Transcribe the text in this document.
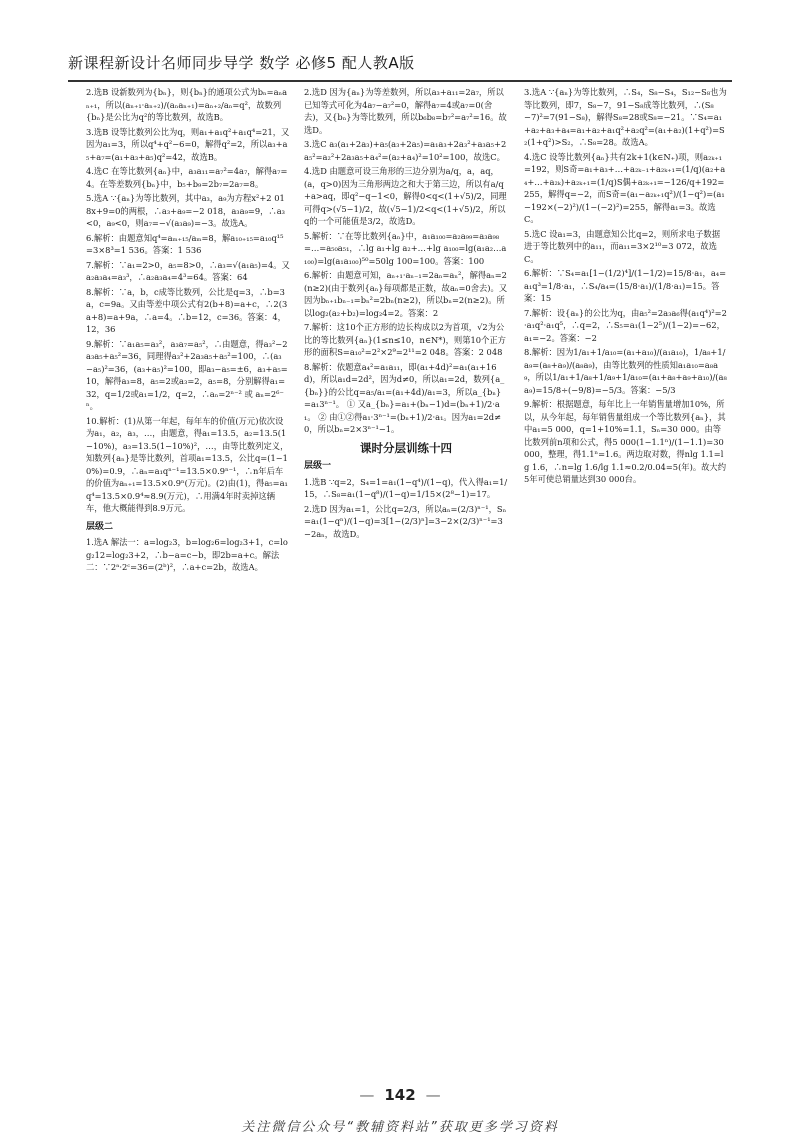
新课程新设计名师同步导学 数学 必修5 配人教A版

2.选B 设新数列为{bₙ}，则{bₙ}的通项公式为bₙ=aₙaₙ₊₁，所以(aₙ₊₁·aₙ₊₂)/(aₙaₙ₊₁)=aₙ₊₂/aₙ=q²，故数列{bₙ}是公比为q²的等比数列，故选B。

3.选B 设等比数列公比为q，则a₁+a₁q²+a₁q⁴=21，又因为a₁=3，所以q⁴+q²−6=0，解得q²=2，所以a₃+a₅+a₇=(a₁+a₃+a₅)q²=42，故选B。

4.选C 在等比数列{aₙ}中，a₃a₁₁=a₇²=4a₇，解得a₇=4。在等差数列{bₙ}中，b₅+b₉=2b₇=2a₇=8。

5.选A ∵{aₙ}为等比数列，其中a₃，a₉为方程x²+2 018x+9=0的两根，∴a₃+a₉=−2 018，a₃a₉=9，∴a₃<0，a₉<0，则a₇=−√(a₃a₉)=−3。故选A。

6.解析：由题意知q⁴=aₘ₊₁₅/aₘ=8，解a₁₀₊₁₅=a₁₀q¹⁵=3×8³=1 536。答案：1 536

7.解析：∵a₁=2>0，a₅=8>0，∴a₃=√(a₁a₅)=4。又a₂a₃a₄=a₃³，∴a₂a₃a₄=4³=64。答案：64

8.解析：∵a，b，c成等比数列，公比是q=3，∴b=3a，c=9a。又由等差中项公式有2(b+8)=a+c，∴2(3a+8)=a+9a，∴a=4。∴b=12，c=36。答案：4，12，36

9.解析：∵a₁a₅=a₃²，a₃a₇=a₅²，∴由题意，得a₃²−2a₃a₅+a₅²=36，同理得a₃²+2a₃a₅+a₅²=100，∴(a₃−a₅)²=36，(a₃+a₅)²=100，即a₃−a₅=±6，a₃+a₅=10，解得a₃=8，a₅=2或a₃=2，a₅=8，分别解得a₁=32，q=1/2或a₁=1/2，q=2，∴aₙ=2ⁿ⁻² 或 aₙ=2⁶⁻ⁿ。

10.解析：(1)从第一年起，每年车的价值(万元)依次设为a₁，a₂，a₃，…，由题意，得a₁=13.5，a₂=13.5(1−10%)，a₃=13.5(1−10%)²，…，由等比数列定义，知数列{aₙ}是等比数列，首项a₁=13.5，公比q=(1−10%)=0.9，∴aₙ=a₁qⁿ⁻¹=13.5×0.9ⁿ⁻¹，∴n年后车的价值为aₙ₊₁=13.5×0.9ⁿ(万元)。(2)由(1)，得a₅=a₁q⁴=13.5×0.9⁴≈8.9(万元)，∴用满4年时卖掉这辆车，他大概能得到8.9万元。

层级二

1.选A 解法一：a=log₂3，b=log₂6=log₂3+1，c=log₂12=log₂3+2，∴b−a=c−b，即2b=a+c。解法二：∵2ᵃ·2ᶜ=36=(2ᵇ)²，∴a+c=2b，故选A。

2.选D 因为{aₙ}为等差数列，所以a₃+a₁₁=2a₇，所以已知等式可化为4a₇−a₇²=0，解得a₇=4或a₇=0(舍去)，又{bₙ}为等比数列，所以b₆b₈=b₇²=a₇²=16。故选D。

3.选C a₃(a₁+2a₃)+a₅(a₃+2a₅)=a₁a₃+2a₃²+a₃a₅+2a₅²=a₂²+2a₃a₅+a₄²=(a₂+a₄)²=10²=100，故选C。

4.选D 由题意可设三角形的三边分别为a/q，a，aq，(a，q>0)因为三角形两边之和大于第三边，所以有a/q+a>aq，即q²−q−1<0，解得0<q<(1+√5)/2，同理可得q>(√5−1)/2，故(√5−1)/2<q<(1+√5)/2，所以q的一个可能值是3/2，故选D。

5.解析：∵在等比数列{aₙ}中，a₁a₁₀₀=a₂a₉₉=a₃a₉₈=…=a₅₀a₅₁，∴lg a₁+lg a₂+…+lg a₁₀₀=lg(a₁a₂…a₁₀₀)=lg(a₁a₁₀₀)⁵⁰=50lg 100=100。答案：100

6.解析：由题意可知，aₙ₊₁·aₙ₋₁=2aₙ=aₙ²，解得aₙ=2(n≥2)(由于数列{aₙ}每项都是正数，故aₙ=0舍去)。又因为bₙ₊₁bₙ₋₁=bₙ²=2bₙ(n≥2)，所以bₙ=2(n≥2)。所以log₂(a₂+b₂)=log₂4=2。答案：2

7.解析：这10个正方形的边长构成以2为首项，√2为公比的等比数列{aₙ}(1≤n≤10，n∈N*)，则第10个正方形的面积S=a₁₀²=2²×2⁹=2¹¹=2 048。答案：2 048

8.解析：依题意a₄²=a₁a₁₁，即(a₁+4d)²=a₁(a₁+16d)，所以a₁d=2d²，因为d≠0，所以a₁=2d，数列{a_{bₙ}}的公比q=a₅/a₁=(a₁+4d)/a₁=3，所以a_{bₙ}=a₁3ⁿ⁻¹。 ① 又a_{bₙ}=a₁+(bₙ−1)d=(bₙ+1)/2·a₁。 ② 由①②得a₁·3ⁿ⁻¹=(bₙ+1)/2·a₁。因为a₁=2d≠0，所以bₙ=2×3ⁿ⁻¹−1。

课时分层训练十四

层级一

1.选B ∵q=2，S₄=1=a₁(1−q⁴)/(1−q)，代入得a₁=1/15，∴S₈=a₁(1−q⁸)/(1−q)=1/15×(2⁸−1)=17。

2.选D 因为a₁=1，公比q=2/3，所以aₙ=(2/3)ⁿ⁻¹，Sₙ=a₁(1−qⁿ)/(1−q)=3[1−(2/3)ⁿ]=3−2×(2/3)ⁿ⁻¹=3−2aₙ，故选D。

3.选A ∵{aₙ}为等比数列，∴S₄，S₈−S₄，S₁₂−S₈也为等比数列，即7，S₈−7，91−S₈成等比数列，∴(S₈−7)²=7(91−S₈)，解得S₈=28或S₈=−21。∵S₄=a₁+a₂+a₃+a₄=a₁+a₂+a₁q²+a₂q²=(a₁+a₂)(1+q²)=S₂(1+q²)>S₂，∴S₈=28。故选A。

4.选C 设等比数列{aₙ}共有2k+1(k∈N₊)项，则a₂ₖ₊₁=192，则S奇=a₁+a₃+…+a₂ₖ₋₁+a₂ₖ₊₁=(1/q)(a₂+a₄+…+a₂ₖ)+a₂ₖ₊₁=(1/q)S偶+a₂ₖ₊₁=−126/q+192=255，解得q=−2，而S奇=(a₁−a₂ₖ₊₁q²)/(1−q²)=(a₁−192×(−2)²)/(1−(−2)²)=255，解得a₁=3。故选C。

5.选C 设a₁=3，由题意知公比q=2，则所求电子数据进于等比数列中的a₁₁，而a₁₁=3×2¹⁰=3 072，故选C。

6.解析：∵S₄=a₁[1−(1/2)⁴]/(1−1/2)=15/8·a₁，a₄=a₁q³=1/8·a₁，∴S₄/a₄=(15/8·a₁)/(1/8·a₁)=15。答案：15

7.解析：设{aₙ}的公比为q，由a₅²=2a₃a₆得(a₁q⁴)²=2·a₁q²·a₁q⁵，∴q=2，∴S₅=a₁(1−2⁵)/(1−2)=−62，a₁=−2。答案：−2

8.解析：因为1/a₁+1/a₁₀=(a₁+a₁₀)/(a₁a₁₀)，1/a₈+1/a₉=(a₈+a₉)/(a₈a₉)，由等比数列的性质知a₁a₁₀=a₈a₉，所以1/a₁+1/a₈+1/a₉+1/a₁₀=(a₁+a₈+a₉+a₁₀)/(a₈a₉)=15/8÷(−9/8)=−5/3。答案：−5/3

9.解析：根据题意，每年比上一年销售量增加10%，所以，从今年起，每年销售量组成一个等比数列{aₙ}，其中a₁=5 000，q=1+10%=1.1，Sₙ=30 000。由等比数列前n项和公式，得5 000(1−1.1ⁿ)/(1−1.1)=30 000，整理，得1.1ⁿ=1.6。两边取对数，得nlg 1.1=lg 1.6，∴n=lg 1.6/lg 1.1≈0.2/0.04=5(年)。故大约5年可使总销量达到30 000台。

— 142 —
关注微信公众号“教辅资料站”获取更多学习资料
